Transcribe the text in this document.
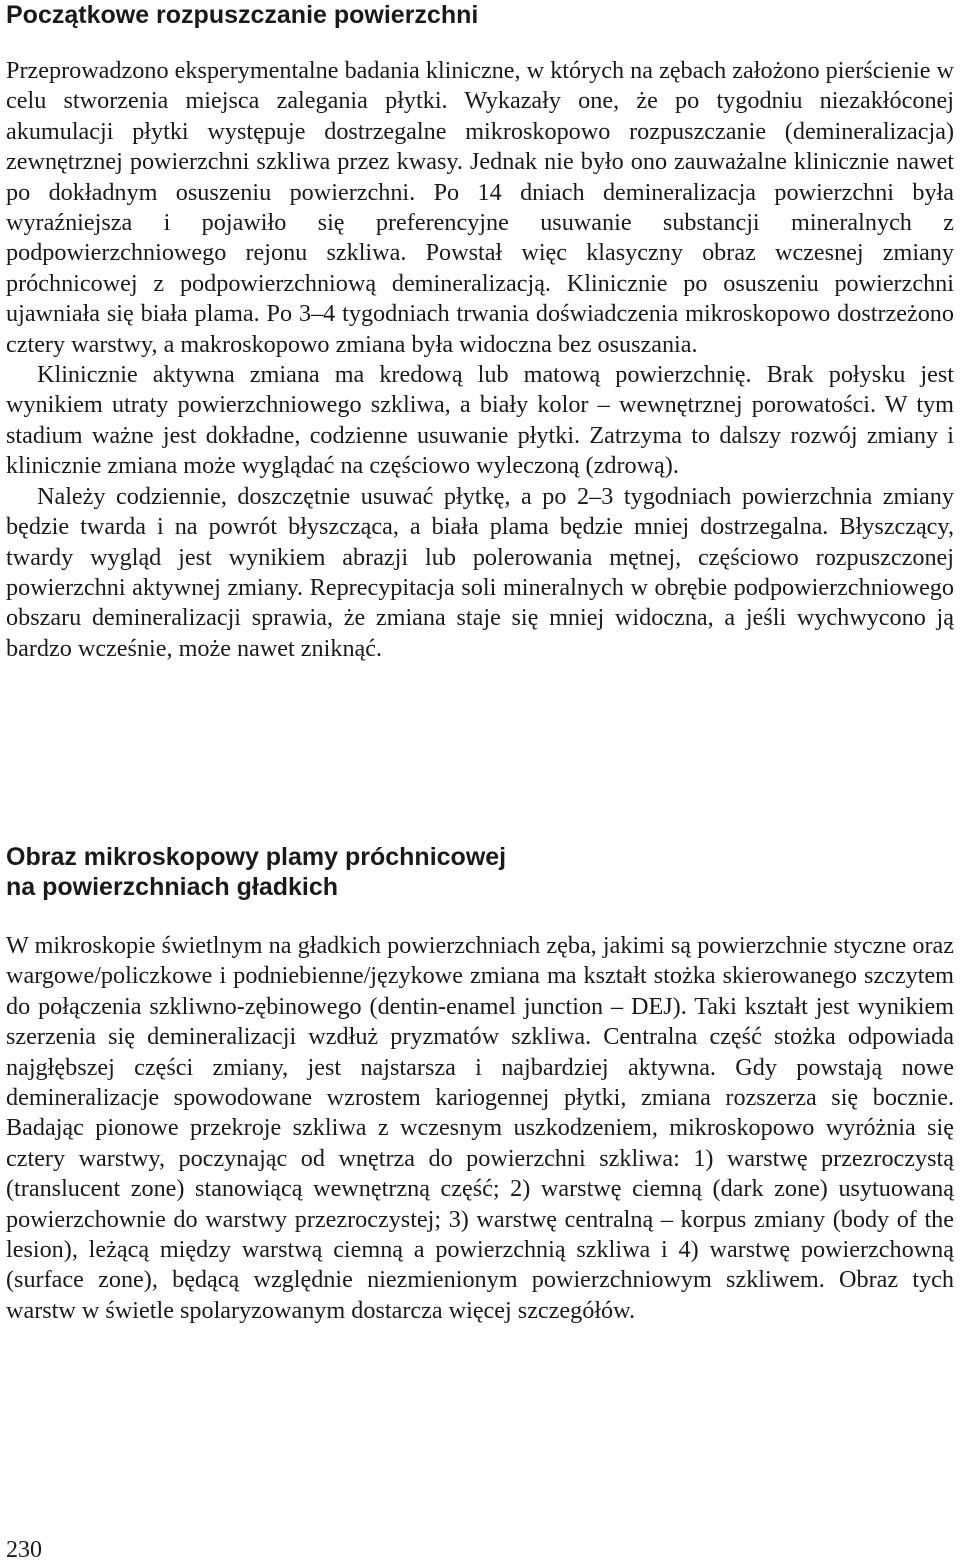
Początkowe rozpuszczanie powierzchni

Przeprowadzono eksperymentalne badania kliniczne, w których na zębach założono pierścienie w celu stworzenia miejsca zalegania płytki. Wykazały one, że po tygodniu niezakłóconej akumulacji płytki występuje dostrzegalne mikroskopowo rozpuszczanie (demineralizacja) zewnętrznej powierzchni szkliwa przez kwasy. Jednak nie było ono zauważalne klinicznie nawet po dokładnym osuszeniu powierzchni. Po 14 dniach demineralizacja powierzchni była wyraźniejsza i pojawiło się preferencyjne usuwanie substancji mineralnych z podpowierzchniowego rejonu szkliwa. Powstał więc klasyczny obraz wczesnej zmiany próchnicowej z podpowierzchniową demineralizacją. Klinicznie po osuszeniu powierzchni ujawniała się biała plama. Po 3–4 tygodniach trwania doświadczenia mikroskopowo dostrzeżono cztery warstwy, a makroskopowo zmiana była widoczna bez osuszania.

Klinicznie aktywna zmiana ma kredową lub matową powierzchnię. Brak połysku jest wynikiem utraty powierzchniowego szkliwa, a biały kolor – wewnętrznej porowatości. W tym stadium ważne jest dokładne, codzienne usuwanie płytki. Zatrzyma to dalszy rozwój zmiany i klinicznie zmiana może wyglądać na częściowo wyleczoną (zdrową).

Należy codziennie, doszczętnie usuwać płytkę, a po 2–3 tygodniach powierzchnia zmiany będzie twarda i na powrót błyszcząca, a biała plama będzie mniej dostrzegalna. Błyszczący, twardy wygląd jest wynikiem abrazji lub polerowania mętnej, częściowo rozpuszczonej powierzchni aktywnej zmiany. Reprecypitacja soli mineralnych w obrębie podpowierzchniowego obszaru demineralizacji sprawia, że zmiana staje się mniej widoczna, a jeśli wychwycono ją bardzo wcześnie, może nawet zniknąć.

Obraz mikroskopowy plamy próchnicowej
na powierzchniach gładkich

W mikroskopie świetlnym na gładkich powierzchniach zęba, jakimi są powierzchnie styczne oraz wargowe/policzkowe i podniebienne/językowe zmiana ma kształt stożka skierowanego szczytem do połączenia szkliwno-zębinowego (dentin-enamel junction – DEJ). Taki kształt jest wynikiem szerzenia się demineralizacji wzdłuż pryzmatów szkliwa. Centralna część stożka odpowiada najgłębszej części zmiany, jest najstarsza i najbardziej aktywna. Gdy powstają nowe demineralizacje spowodowane wzrostem kariogennej płytki, zmiana rozszerza się bocznie. Badając pionowe przekroje szkliwa z wczesnym uszkodzeniem, mikroskopowo wyróżnia się cztery warstwy, poczynając od wnętrza do powierzchni szkliwa: 1) warstwę przezroczystą (translucent zone) stanowiącą wewnętrzną część; 2) warstwę ciemną (dark zone) usytuowaną powierzchownie do warstwy przezroczystej; 3) warstwę centralną – korpus zmiany (body of the lesion), leżącą między warstwą ciemną a powierzchnią szkliwa i 4) warstwę powierzchowną (surface zone), będącą względnie niezmienionym powierzchniowym szkliwem. Obraz tych warstw w świetle spolaryzowanym dostarcza więcej szczegółów.

230
